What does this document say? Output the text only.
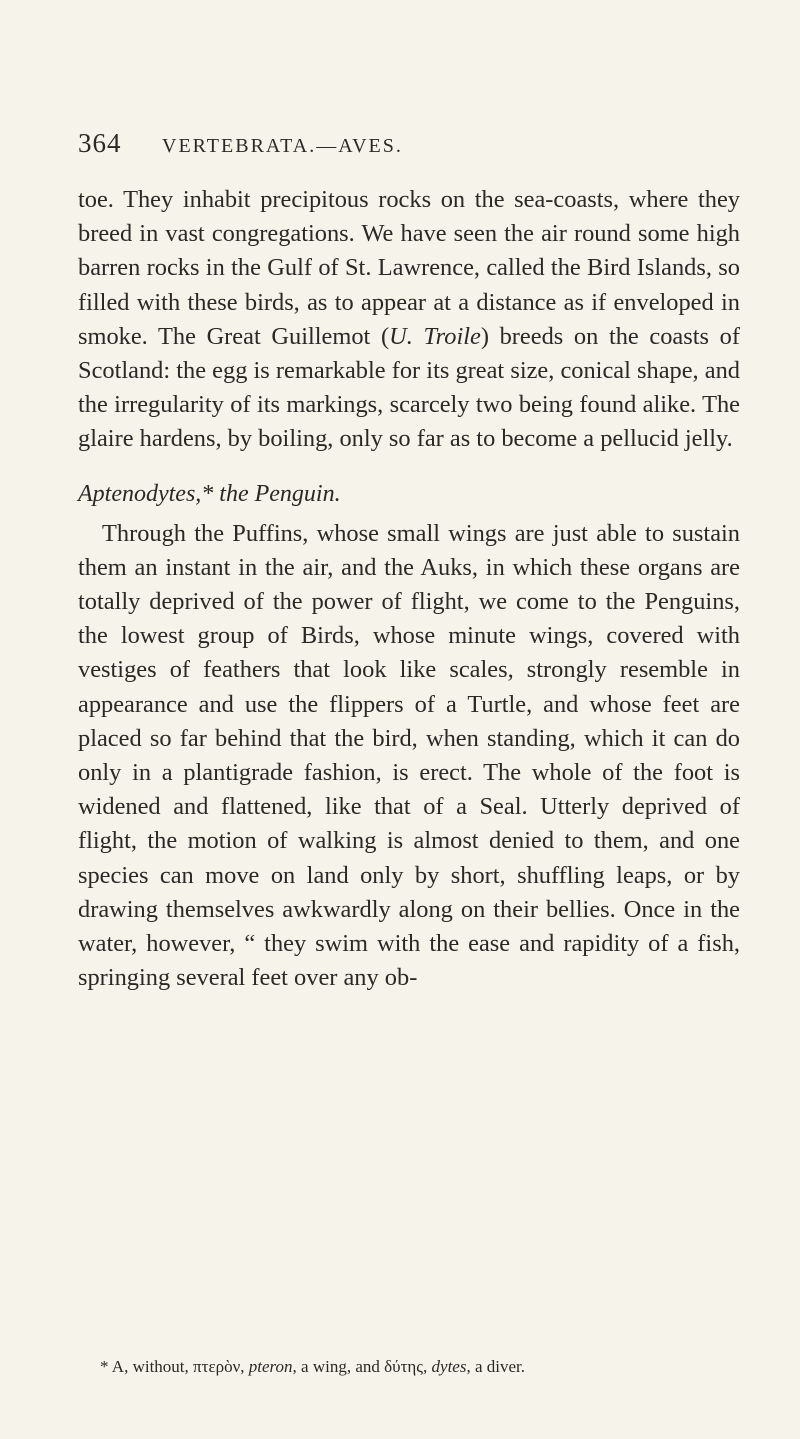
364 VERTEBRATA.—AVES.

toe. They inhabit precipitous rocks on the sea-coasts, where they breed in vast congregations. We have seen the air round some high barren rocks in the Gulf of St. Lawrence, called the Bird Islands, so filled with these birds, as to appear at a distance as if enveloped in smoke. The Great Guillemot (U. Troile) breeds on the coasts of Scotland: the egg is remarkable for its great size, conical shape, and the irregularity of its markings, scarcely two being found alike. The glaire hardens, by boiling, only so far as to become a pellucid jelly.

Aptenodytes,* the Penguin.

Through the Puffins, whose small wings are just able to sustain them an instant in the air, and the Auks, in which these organs are totally deprived of the power of flight, we come to the Penguins, the lowest group of Birds, whose minute wings, covered with vestiges of feathers that look like scales, strongly resemble in appearance and use the flippers of a Turtle, and whose feet are placed so far behind that the bird, when standing, which it can do only in a plantigrade fashion, is erect. The whole of the foot is widened and flattened, like that of a Seal. Utterly deprived of flight, the motion of walking is almost denied to them, and one species can move on land only by short, shuffling leaps, or by drawing themselves awkwardly along on their bellies. Once in the water, however, “ they swim with the ease and rapidity of a fish, springing several feet over any ob-

* A, without, πτερὸν, pteron, a wing, and δύτης, dytes, a diver.
